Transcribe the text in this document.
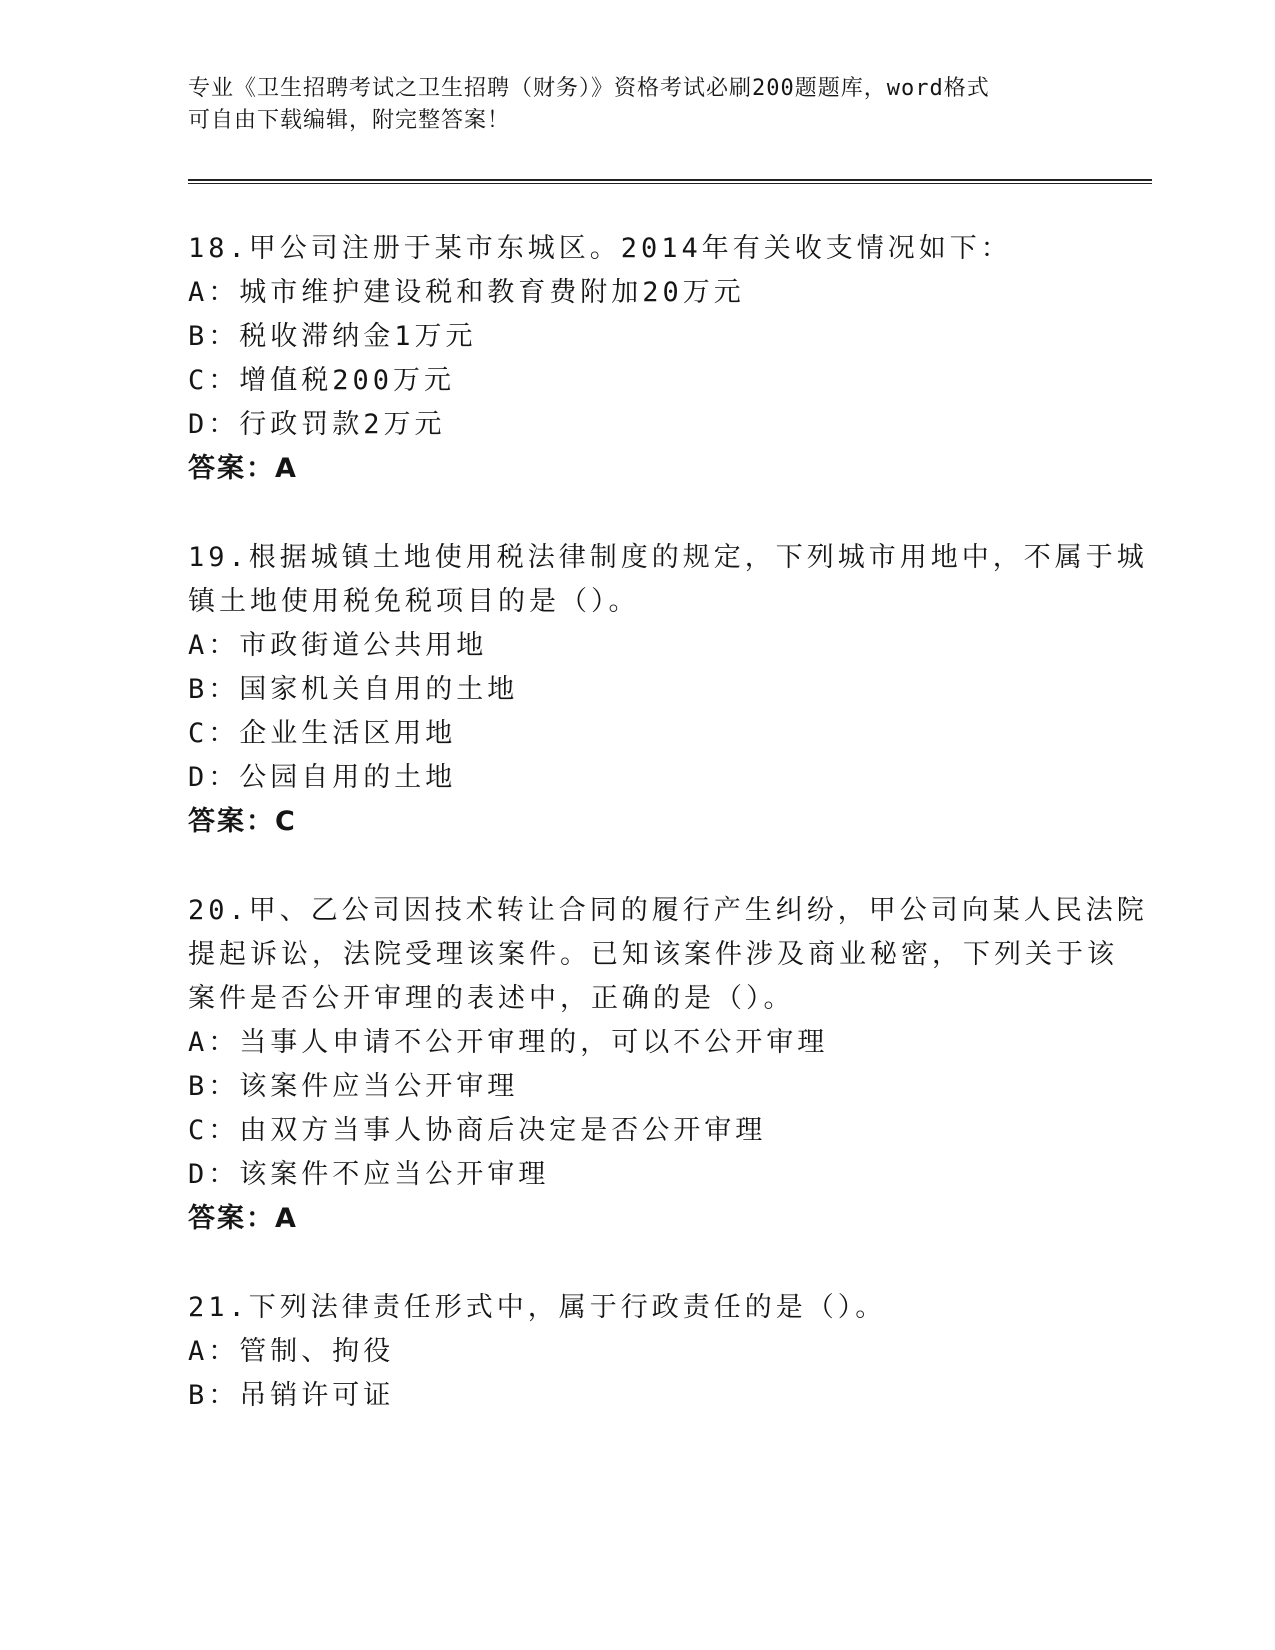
专业《卫生招聘考试之卫生招聘（财务）》资格考试必刷200题题库，word格式
可自由下载编辑，附完整答案！
18.甲公司注册于某市东城区。2014年有关收支情况如下：
A：城市维护建设税和教育费附加20万元
B：税收滞纳金1万元
C：增值税200万元
D：行政罚款2万元
答案：A
19.根据城镇土地使用税法律制度的规定，下列城市用地中，不属于城
镇土地使用税免税项目的是（）。
A：市政街道公共用地
B：国家机关自用的土地
C：企业生活区用地
D：公园自用的土地
答案：C
20.甲、乙公司因技术转让合同的履行产生纠纷，甲公司向某人民法院
提起诉讼，法院受理该案件。已知该案件涉及商业秘密，下列关于该
案件是否公开审理的表述中，正确的是（）。
A：当事人申请不公开审理的，可以不公开审理
B：该案件应当公开审理
C：由双方当事人协商后决定是否公开审理
D：该案件不应当公开审理
答案：A
21.下列法律责任形式中，属于行政责任的是（）。
A：管制、拘役
B：吊销许可证
